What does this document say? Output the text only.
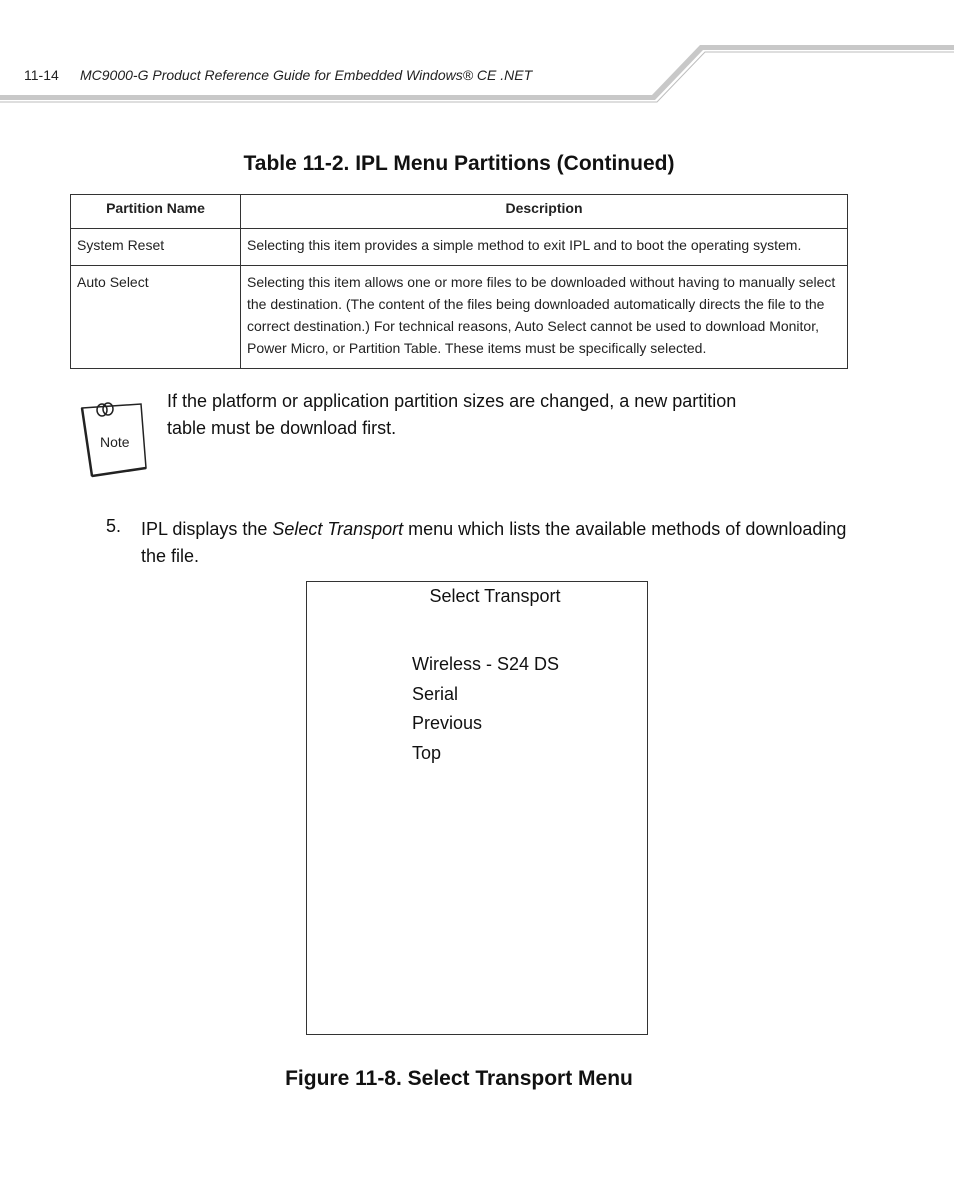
11-14 MC9000-G Product Reference Guide for Embedded Windows® CE .NET
Table 11-2. IPL Menu Partitions (Continued)
Partition Name	Description
System Reset	Selecting this item provides a simple method to exit IPL and to boot the operating system.
Auto Select	Selecting this item allows one or more files to be downloaded without having to manually select the destination. (The content of the files being downloaded automatically directs the file to the correct destination.) For technical reasons, Auto Select cannot be used to download Monitor, Power Micro, or Partition Table. These items must be specifically selected.
Note
If the platform or application partition sizes are changed, a new partition table must be download first.
5. IPL displays the Select Transport menu which lists the available methods of downloading the file.
Select Transport
Wireless - S24 DS
Serial
Previous
Top
Figure 11-8. Select Transport Menu
